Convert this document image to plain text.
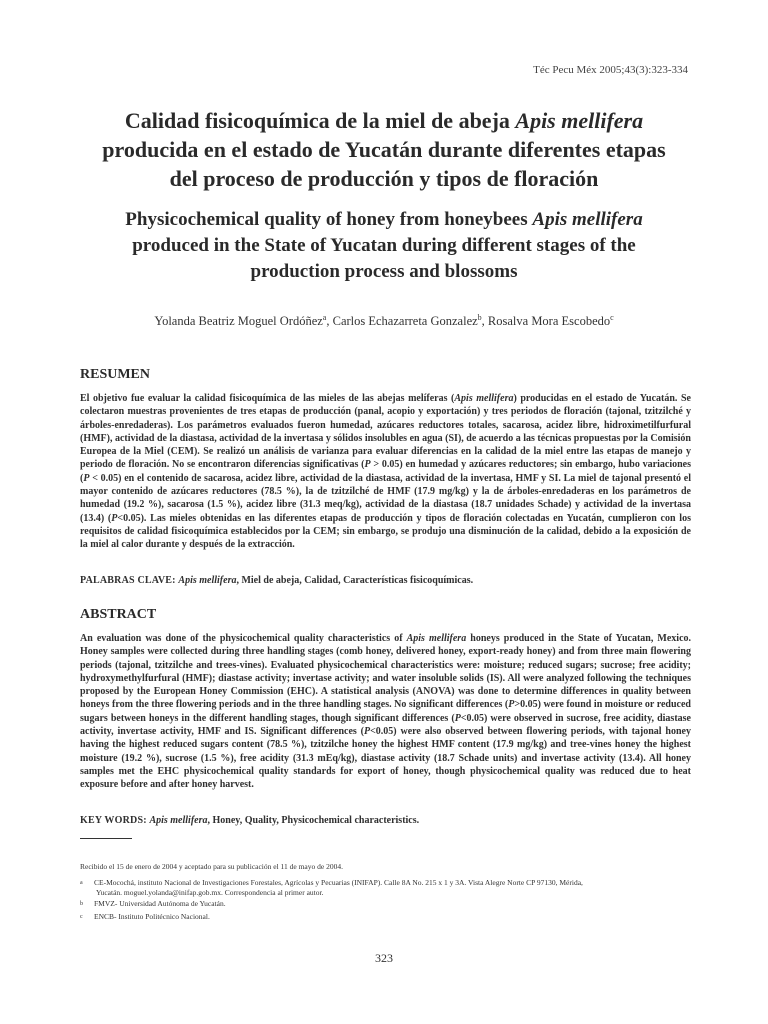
Téc Pecu Méx 2005;43(3):323-334
Calidad fisicoquímica de la miel de abeja Apis mellifera
producida en el estado de Yucatán durante diferentes etapas
del proceso de producción y tipos de floración
Physicochemical quality of honey from honeybees Apis mellifera
produced in the State of Yucatan during different stages of the
production process and blossoms
Yolanda Beatriz Moguel Ordóñez$^a$, Carlos Echazarreta Gonzalez$^b$, Rosalva Mora Escobedo$^c$
RESUMEN
El objetivo fue evaluar la calidad fisicoquímica de las mieles de las abejas melíferas (Apis mellifera) producidas en el estado de Yucatán. Se colectaron muestras provenientes de tres etapas de producción (panal, acopio y exportación) y tres periodos de floración (tajonal, tzitzilché y árboles-enredaderas). Los parámetros evaluados fueron humedad, azúcares reductores totales, sacarosa, acidez libre, hidroximetilfurfural (HMF), actividad de la diastasa, actividad de la invertasa y sólidos insolubles en agua (SI), de acuerdo a las técnicas propuestas por la Comisión Europea de la Miel (CEM). Se realizó un análisis de varianza para evaluar diferencias en la calidad de la miel entre las etapas de manejo y periodo de floración. No se encontraron diferencias significativas (P > 0.05) en humedad y azúcares reductores; sin embargo, hubo variaciones (P < 0.05) en el contenido de sacarosa, acidez libre, actividad de la diastasa, actividad de la invertasa, HMF y SI. La miel de tajonal presentó el mayor contenido de azúcares reductores (78.5 %), la de tzitzilché de HMF (17.9 mg/kg) y la de árboles-enredaderas en los parámetros de humedad (19.2 %), sacarosa (1.5 %), acidez libre (31.3 meq/kg), actividad de la diastasa (18.7 unidades Schade) y actividad de la invertasa (13.4) (P<0.05). Las mieles obtenidas en las diferentes etapas de producción y tipos de floración colectadas en Yucatán, cumplieron con los requisitos de calidad fisicoquímica establecidos por la CEM; sin embargo, se produjo una disminución de la calidad, debido a la exposición de la miel al calor durante y después de la extracción.
PALABRAS CLAVE: Apis mellifera, Miel de abeja, Calidad, Características fisicoquímicas.
ABSTRACT
An evaluation was done of the physicochemical quality characteristics of Apis mellifera honeys produced in the State of Yucatan, Mexico. Honey samples were collected during three handling stages (comb honey, delivered honey, export-ready honey) and from three main flowering periods (tajonal, tzitzilche and trees-vines). Evaluated physicochemical characteristics were: moisture; reduced sugars; sucrose; free acidity; hydroxymethylfurfural (HMF); diastase activity; invertase activity; and water insoluble solids (IS). All were analyzed following the techniques proposed by the European Honey Commission (EHC). A statistical analysis (ANOVA) was done to determine differences in quality between honeys from the three flowering periods and in the three handling stages. No significant differences (P>0.05) were found in moisture or reduced sugars between honeys in the different handling stages, though significant differences (P<0.05) were observed in sucrose, free acidity, diastase activity, invertase activity, HMF and IS. Significant differences (P<0.05) were also observed between flowering periods, with tajonal honey having the highest reduced sugars content (78.5 %), tzitzilche honey the highest HMF content (17.9 mg/kg) and tree-vines honey the highest moisture (19.2 %), sucrose (1.5 %), free acidity (31.3 mEq/kg), diastase activity (18.7 Schade units) and invertase activity (13.4). All honey samples met the EHC physicochemical quality standards for export of honey, though physicochemical quality was reduced due to heat exposure before and after honey harvest.
KEY WORDS: Apis mellifera, Honey, Quality, Physicochemical characteristics.
Recibido el 15 de enero de 2004 y aceptado para su publicación el 11 de mayo de 2004.
a CE-Mocochá, instituto Nacional de Investigaciones Forestales, Agrícolas y Pecuarias (INIFAP). Calle 8A No. 215 x 1 y 3A. Vista Alegre Norte CP 97130, Mérida,
Yucatán. moguel.yolanda@inifap.gob.mx. Correspondencia al primer autor.
b FMVZ- Universidad Autónoma de Yucatán.
c ENCB- Instituto Politécnico Nacional.
323
